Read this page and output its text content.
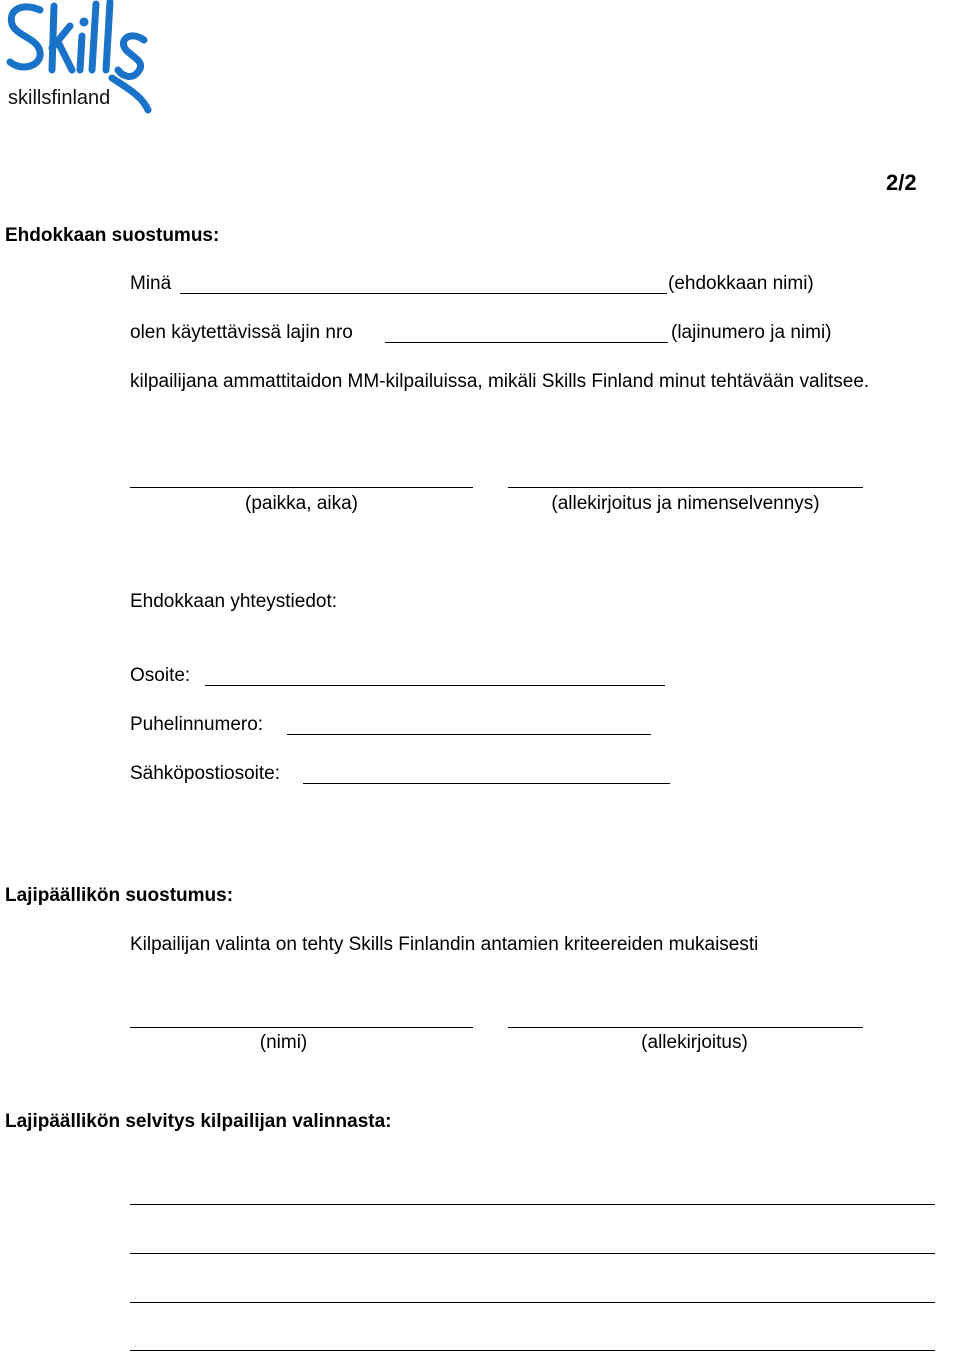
skillsfinland
2/2
Ehdokkaan suostumus:
Minä	(ehdokkaan nimi)
olen käytettävissä lajin nro	(lajinumero ja nimi)
kilpailijana ammattitaidon MM-kilpailuissa, mikäli Skills Finland minut tehtävään valitsee.
(paikka, aika)	(allekirjoitus ja nimenselvennys)
Ehdokkaan yhteystiedot:
Osoite:
Puhelinnumero:
Sähköpostiosoite:
Lajipäällikön suostumus:
Kilpailijan valinta on tehty Skills Finlandin antamien kriteereiden mukaisesti
(nimi)	(allekirjoitus)
Lajipäällikön selvitys kilpailijan valinnasta:
